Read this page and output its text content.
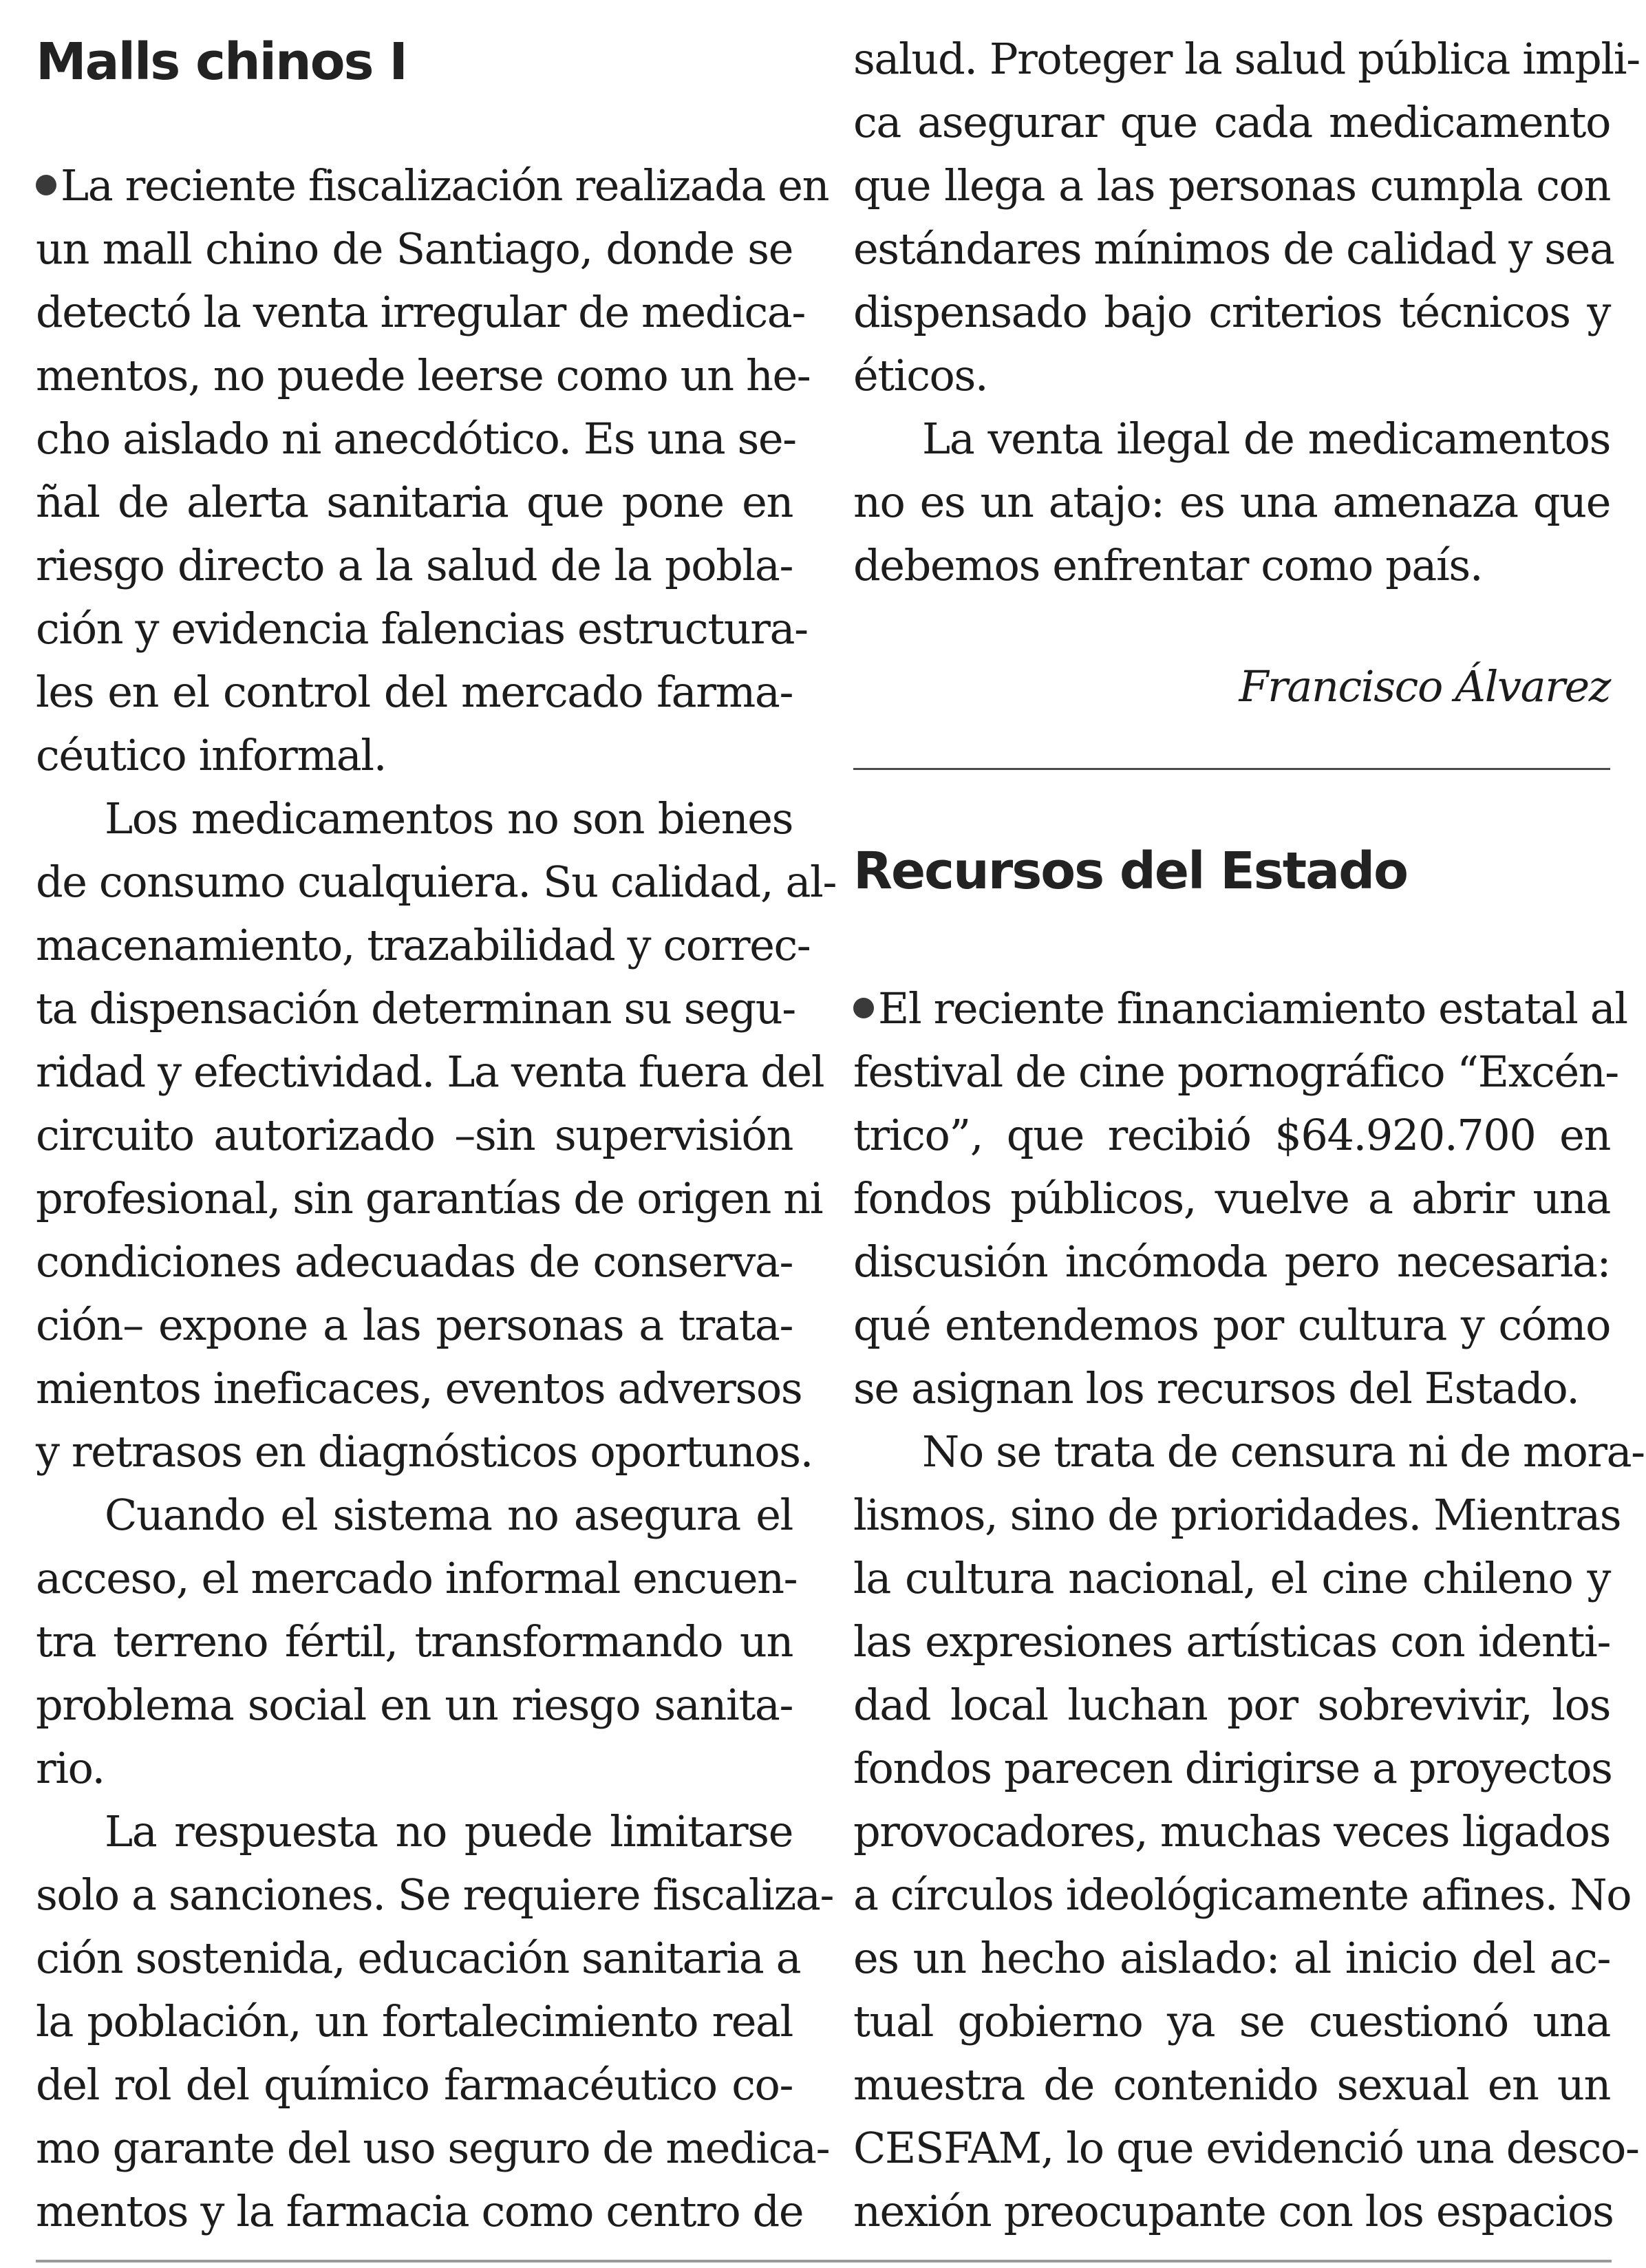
Malls chinos I
La reciente fiscalización realizada en
un mall chino de Santiago, donde se
detectó la venta irregular de medica-
mentos, no puede leerse como un he-
cho aislado ni anecdótico. Es una se-
ñal de alerta sanitaria que pone en
riesgo directo a la salud de la pobla-
ción y evidencia falencias estructura-
les en el control del mercado farma-
céutico informal.
Los medicamentos no son bienes
de consumo cualquiera. Su calidad, al-
macenamiento, trazabilidad y correc-
ta dispensación determinan su segu-
ridad y efectividad. La venta fuera del
circuito autorizado –sin supervisión
profesional, sin garantías de origen ni
condiciones adecuadas de conserva-
ción– expone a las personas a trata-
mientos ineficaces, eventos adversos
y retrasos en diagnósticos oportunos.
Cuando el sistema no asegura el
acceso, el mercado informal encuen-
tra terreno fértil, transformando un
problema social en un riesgo sanita-
rio.
La respuesta no puede limitarse
solo a sanciones. Se requiere fiscaliza-
ción sostenida, educación sanitaria a
la población, un fortalecimiento real
del rol del químico farmacéutico co-
mo garante del uso seguro de medica-
mentos y la farmacia como centro de
salud. Proteger la salud pública impli-
ca asegurar que cada medicamento
que llega a las personas cumpla con
estándares mínimos de calidad y sea
dispensado bajo criterios técnicos y
éticos.
La venta ilegal de medicamentos
no es un atajo: es una amenaza que
debemos enfrentar como país.
Francisco Álvarez
Recursos del Estado
El reciente financiamiento estatal al
festival de cine pornográfico “Excén-
trico”, que recibió $64.920.700 en
fondos públicos, vuelve a abrir una
discusión incómoda pero necesaria:
qué entendemos por cultura y cómo
se asignan los recursos del Estado.
No se trata de censura ni de mora-
lismos, sino de prioridades. Mientras
la cultura nacional, el cine chileno y
las expresiones artísticas con identi-
dad local luchan por sobrevivir, los
fondos parecen dirigirse a proyectos
provocadores, muchas veces ligados
a círculos ideológicamente afines. No
es un hecho aislado: al inicio del ac-
tual gobierno ya se cuestionó una
muestra de contenido sexual en un
CESFAM, lo que evidenció una desco-
nexión preocupante con los espacios
